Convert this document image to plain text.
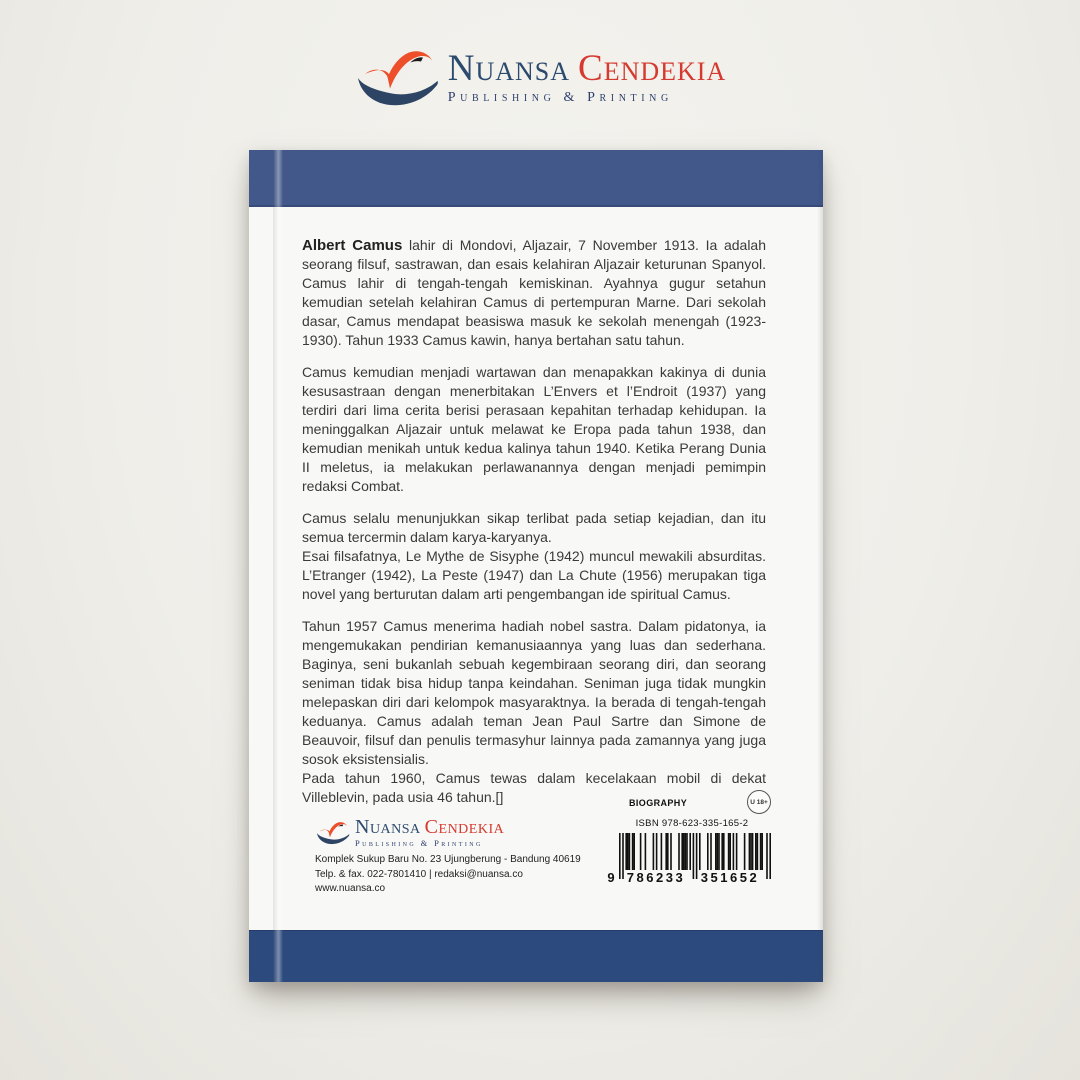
Nuansa Cendekia
Publishing & Printing

Albert Camus lahir di Mondovi, Aljazair, 7 November 1913. Ia adalah seorang filsuf, sastrawan, dan esais kelahiran Aljazair keturunan Spanyol. Camus lahir di tengah-tengah kemiskinan. Ayahnya gugur setahun kemudian setelah kelahiran Camus di pertempuran Marne. Dari sekolah dasar, Camus mendapat beasiswa masuk ke sekolah menengah (1923-1930). Tahun 1933 Camus kawin, hanya bertahan satu tahun.

Camus kemudian menjadi wartawan dan menapakkan kakinya di dunia kesusastraan dengan menerbitakan L’Envers et l’Endroit (1937) yang terdiri dari lima cerita berisi perasaan kepahitan terhadap kehidupan. Ia meninggalkan Aljazair untuk melawat ke Eropa pada tahun 1938, dan kemudian menikah untuk kedua kalinya tahun 1940. Ketika Perang Dunia II meletus, ia melakukan perlawanannya dengan menjadi pemimpin redaksi Combat.

Camus selalu menunjukkan sikap terlibat pada setiap kejadian, dan itu semua tercermin dalam karya-karyanya.
Esai filsafatnya, Le Mythe de Sisyphe (1942) muncul mewakili absurditas. L’Etranger (1942), La Peste (1947) dan La Chute (1956) merupakan tiga novel yang berturutan dalam arti pengembangan ide spiritual Camus.

Tahun 1957 Camus menerima hadiah nobel sastra. Dalam pidatonya, ia mengemukakan pendirian kemanusiaannya yang luas dan sederhana. Baginya, seni bukanlah sebuah kegembiraan seorang diri, dan seorang seniman tidak bisa hidup tanpa keindahan. Seniman juga tidak mungkin melepaskan diri dari kelompok masyaraktnya. Ia berada di tengah-tengah keduanya. Camus adalah teman Jean Paul Sartre dan Simone de Beauvoir, filsuf dan penulis termasyhur lainnya pada zamannya yang juga sosok eksistensialis.
Pada tahun 1960, Camus tewas dalam kecelakaan mobil di dekat Villeblevin, pada usia 46 tahun.[]

Nuansa Cendekia
Publishing & Printing
Komplek Sukup Baru No. 23 Ujungberung - Bandung 40619
Telp. & fax. 022-7801410 | redaksi@nuansa.co
www.nuansa.co
BIOGRAPHY	U 18+
ISBN 978-623-335-165-2
9 786233 351652
